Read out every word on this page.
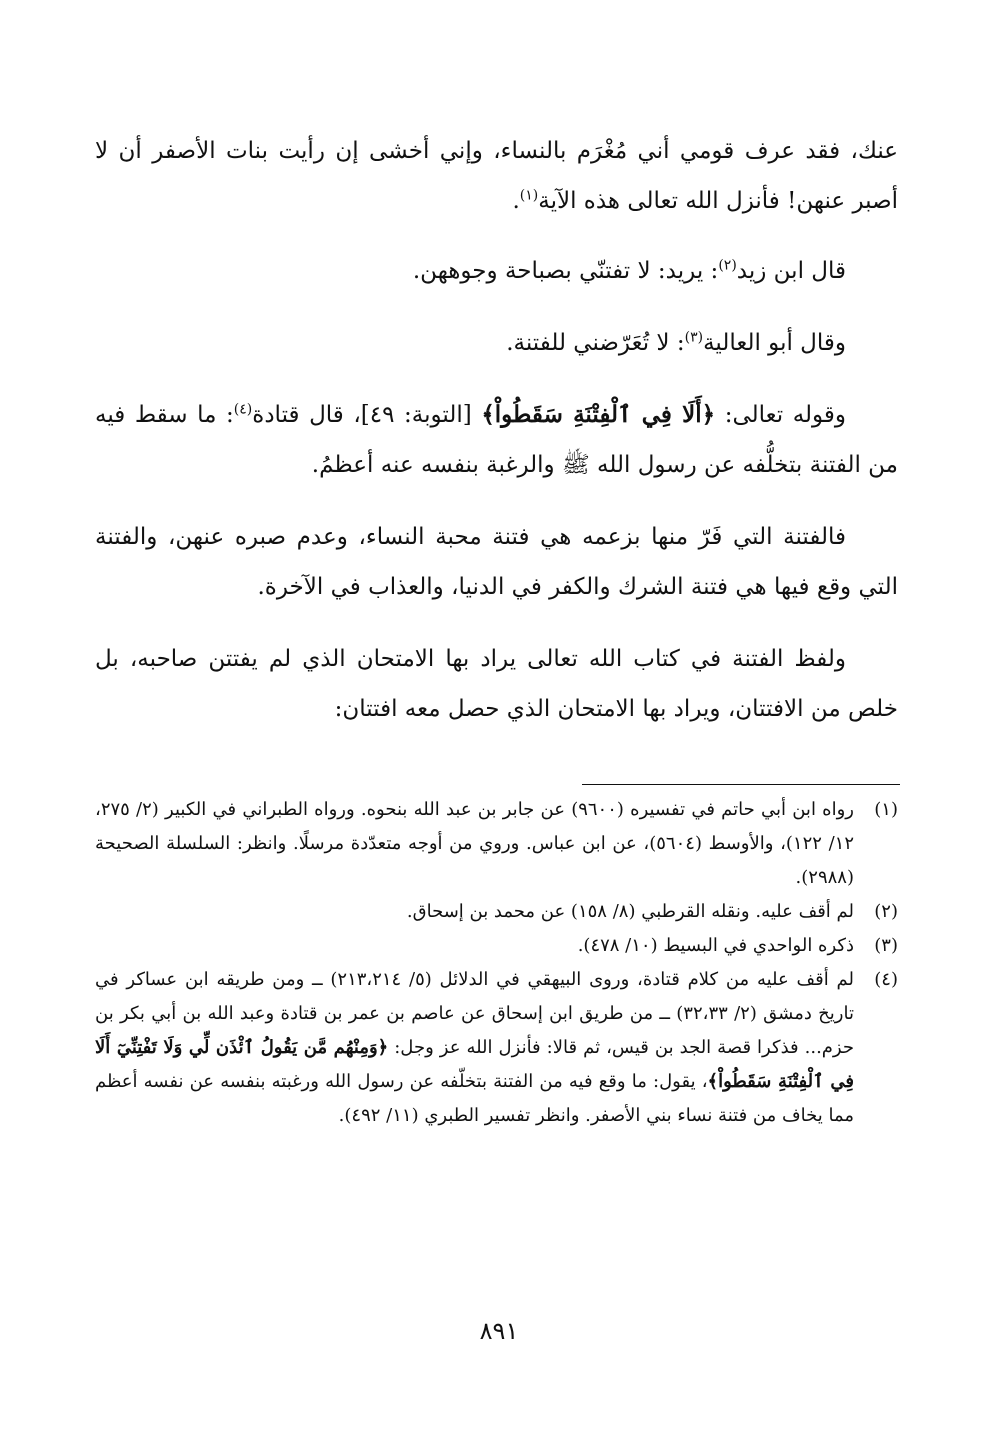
عنك، فقد عرف قومي أني مُغْرَم بالنساء، وإني أخشى إن رأيت بنات الأصفر أن لا أصبر عنهن! فأنزل الله تعالى هذه الآية$^{(١)}$.

قال ابن زيد$^{(٢)}$: يريد: لا تفتنّي بصباحة وجوههن.

وقال أبو العالية$^{(٣)}$: لا تُعَرّضني للفتنة.

وقوله تعالى: ﴿أَلَا فِي ٱلْفِتْنَةِ سَقَطُواْ﴾ [التوبة: ٤٩]، قال قتادة$^{(٤)}$: ما سقط فيه من الفتنة بتخلُّفه عن رسول الله ﷺ والرغبة بنفسه عنه أعظمُ.

فالفتنة التي فَرّ منها بزعمه هي فتنة محبة النساء، وعدم صبره عنهن، والفتنة التي وقع فيها هي فتنة الشرك والكفر في الدنيا، والعذاب في الآخرة.

ولفظ الفتنة في كتاب الله تعالى يراد بها الامتحان الذي لم يفتتن صاحبه، بل خلص من الافتتان، ويراد بها الامتحان الذي حصل معه افتتان:

(١)
رواه ابن أبي حاتم في تفسيره (٩٦٠٠) عن جابر بن عبد الله بنحوه. ورواه الطبراني في الكبير (٢/ ٢٧٥، ١٢/ ١٢٢)، والأوسط (٥٦٠٤)، عن ابن عباس. وروي من أوجه متعدّدة مرسلًا. وانظر: السلسلة الصحيحة (٢٩٨٨).
(٢)
لم أقف عليه. ونقله القرطبي (٨/ ١٥٨) عن محمد بن إسحاق.
(٣)
ذكره الواحدي في البسيط (١٠/ ٤٧٨).
(٤)
لم أقف عليه من كلام قتادة، وروى البيهقي في الدلائل (٥/ ٢١٣،٢١٤) ــ ومن طريقه ابن عساكر في تاريخ دمشق (٢/ ٣٢،٣٣) ــ من طريق ابن إسحاق عن عاصم بن عمر بن قتادة وعبد الله بن أبي بكر بن حزم... فذكرا قصة الجد بن قيس، ثم قالا: فأنزل الله عز وجل: ﴿وَمِنْهُم مَّن يَقُولُ ٱئْذَن لِّي وَلَا تَفْتِنِّيٓ أَلَا فِي ٱلْفِتْنَةِ سَقَطُواْ﴾، يقول: ما وقع فيه من الفتنة بتخلّفه عن رسول الله ورغبته بنفسه عن نفسه أعظم مما يخاف من فتنة نساء بني الأصفر. وانظر تفسير الطبري (١١/ ٤٩٢).
٨٩١
